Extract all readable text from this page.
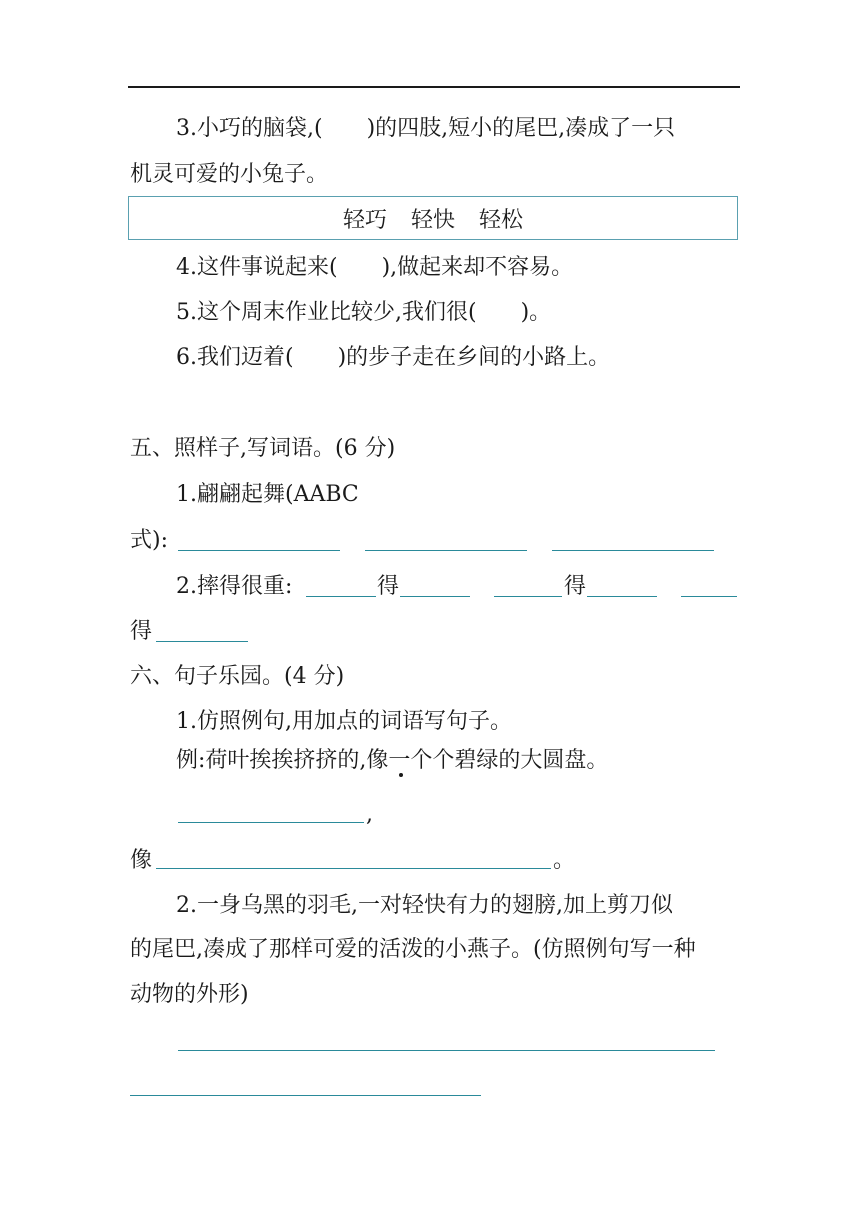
3.小巧的脑袋,( )的四肢,短小的尾巴,凑成了一只
机灵可爱的小兔子。
轻巧 轻快 轻松
4.这件事说起来( ),做起来却不容易。
5.这个周末作业比较少,我们很( )。
6.我们迈着( )的步子走在乡间的小路上。
五、照样子,写词语。(6 分)
1.翩翩起舞(AABC
式):
2.摔得很重:	得	得
得
六、句子乐园。(4 分)
1.仿照例句,用加点的词语写句子。
例:荷叶挨挨挤挤的,像一个个碧绿的大圆盘。
,
像	。
2.一身乌黑的羽毛,一对轻快有力的翅膀,加上剪刀似
的尾巴,凑成了那样可爱的活泼的小燕子。(仿照例句写一种
动物的外形)
